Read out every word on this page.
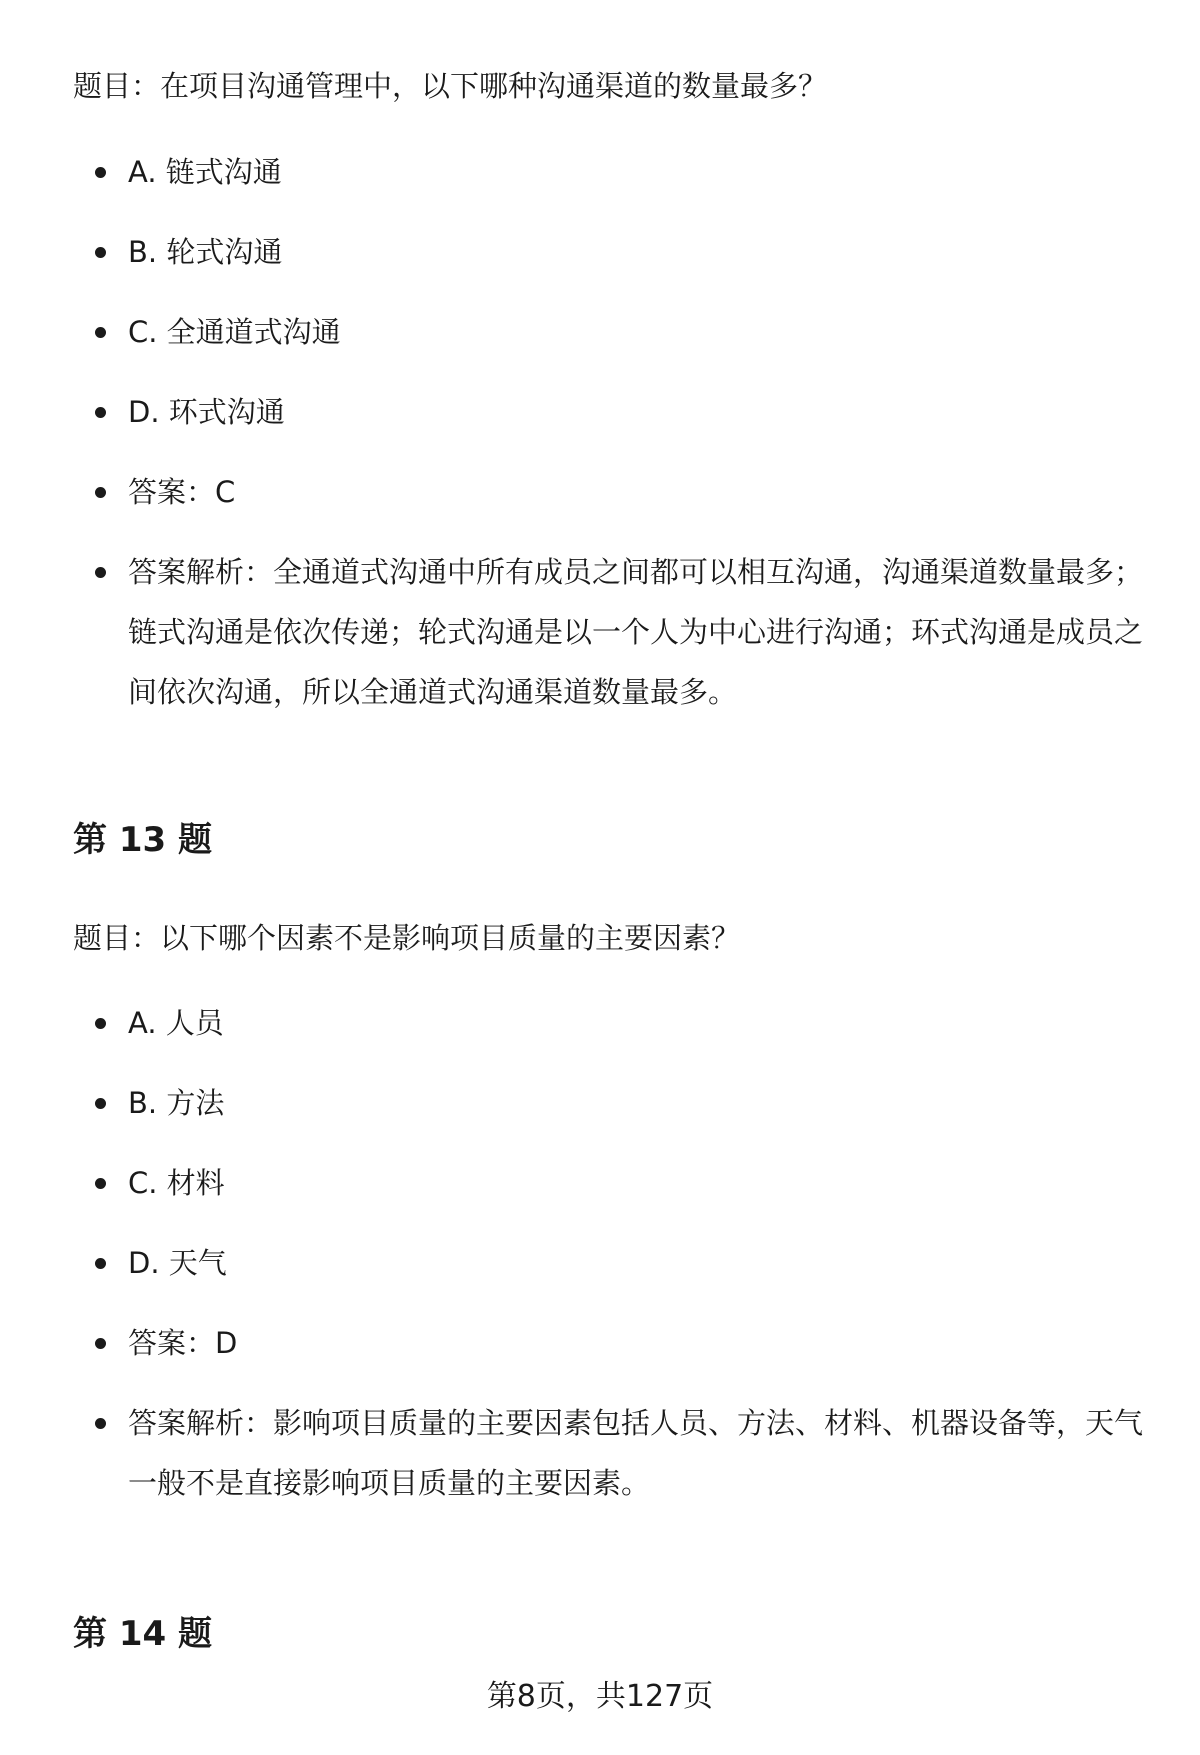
题目：在项目沟通管理中，以下哪种沟通渠道的数量最多？
A. 链式沟通
B. 轮式沟通
C. 全通道式沟通
D. 环式沟通
答案：C
答案解析：全通道式沟通中所有成员之间都可以相互沟通，沟通渠道数量最多；链式沟通是依次传递；轮式沟通是以一个人为中心进行沟通；环式沟通是成员之间依次沟通，所以全通道式沟通渠道数量最多。
第 13 题
题目：以下哪个因素不是影响项目质量的主要因素？
A. 人员
B. 方法
C. 材料
D. 天气
答案：D
答案解析：影响项目质量的主要因素包括人员、方法、材料、机器设备等，天气一般不是直接影响项目质量的主要因素。
第 14 题
第8页，共127页
